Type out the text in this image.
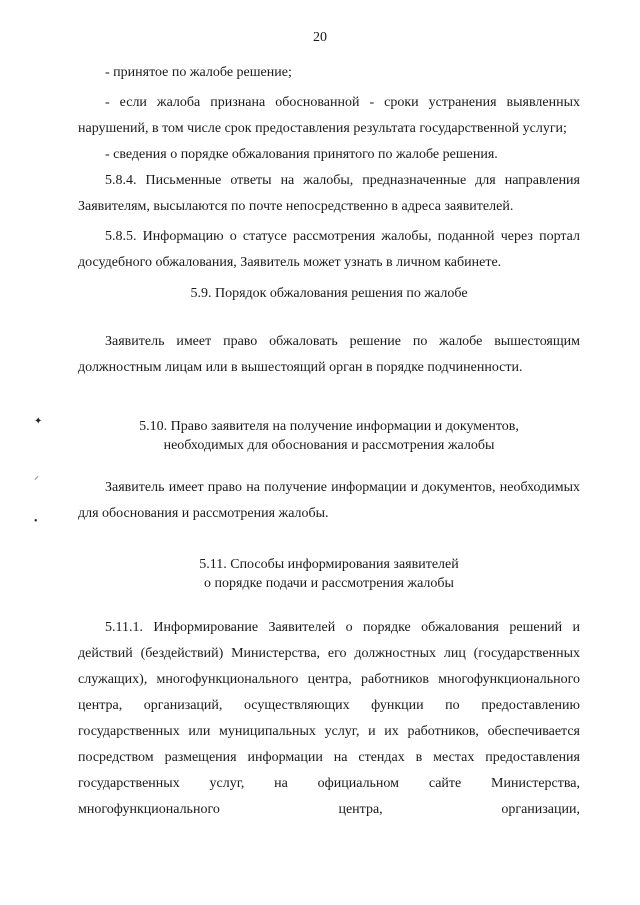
20

- принятое по жалобе решение;

- если жалоба признана обоснованной - сроки устранения выявленных нарушений, в том числе срок предоставления результата государственной услуги;

- сведения о порядке обжалования принятого по жалобе решения.

5.8.4. Письменные ответы на жалобы, предназначенные для направления Заявителям, высылаются по почте непосредственно в адреса заявителей.

5.8.5. Информацию о статусе рассмотрения жалобы, поданной через портал досудебного обжалования, Заявитель может узнать в личном кабинете.

5.9. Порядок обжалования решения по жалобе

Заявитель имеет право обжаловать решение по жалобе вышестоящим должностным лицам или в вышестоящий орган в порядке подчиненности.

5.10. Право заявителя на получение информации и документов,

необходимых для обоснования и рассмотрения жалобы

Заявитель имеет право на получение информации и документов, необходимых для обоснования и рассмотрения жалобы.

5.11. Способы информирования заявителей

о порядке подачи и рассмотрения жалобы

5.11.1. Информирование Заявителей о порядке обжалования решений и действий (бездействий) Министерства, его должностных лиц (государственных служащих), многофункционального центра, работников многофункционального центра, организаций, осуществляющих функции по предоставлению государственных или муниципальных услуг, и их работников, обеспечивается посредством размещения информации на стендах в местах предоставления государственных услуг, на официальном сайте Министерства, многофункционального центра, организации,

✦
⸝
•
